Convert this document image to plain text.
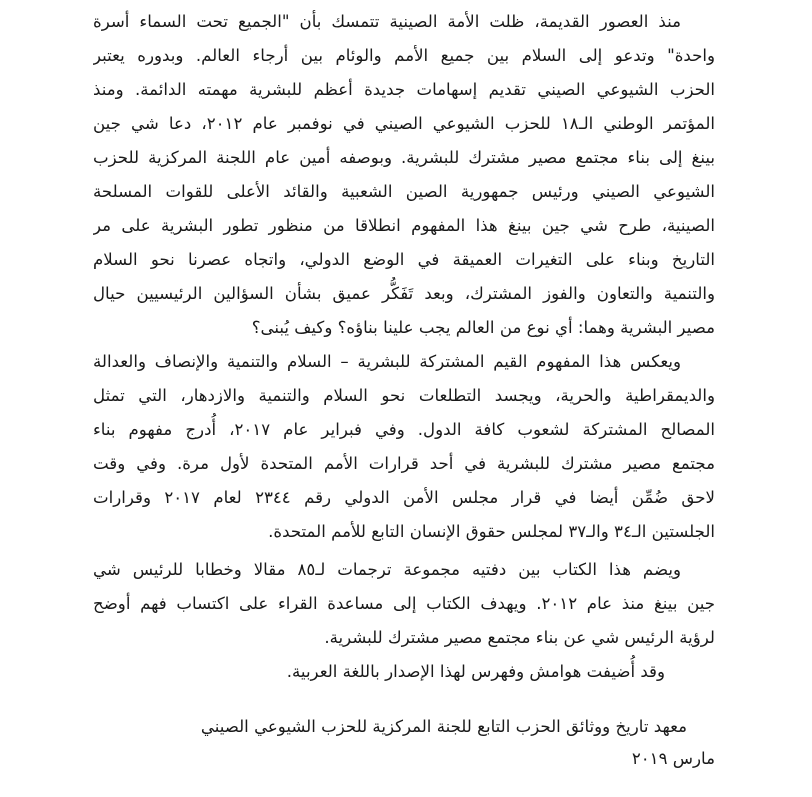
منذ العصور القديمة، ظلت الأمة الصينية تتمسك بأن "الجميع تحت السماء أسرة
واحدة" وتدعو إلى السلام بين جميع الأمم والوئام بين أرجاء العالم. وبدوره يعتبر
الحزب الشيوعي الصيني تقديم إسهامات جديدة أعظم للبشرية مهمته الدائمة. ومنذ
المؤتمر الوطني الـ١٨ للحزب الشيوعي الصيني في نوفمبر عام ٢٠١٢، دعا شي جين
بينغ إلى بناء مجتمع مصير مشترك للبشرية. وبوصفه أمين عام اللجنة المركزية للحزب
الشيوعي الصيني ورئيس جمهورية الصين الشعبية والقائد الأعلى للقوات المسلحة
الصينية، طرح شي جين بينغ هذا المفهوم انطلاقا من منظور تطور البشرية على مر
التاريخ وبناء على التغيرات العميقة في الوضع الدولي، واتجاه عصرنا نحو السلام
والتنمية والتعاون والفوز المشترك، وبعد تَفَكُّر عميق بشأن السؤالين الرئيسيين حيال
مصير البشرية وهما: أي نوع من العالم يجب علينا بناؤه؟ وكيف يُبنى؟
ويعكس هذا المفهوم القيم المشتركة للبشرية – السلام والتنمية والإنصاف والعدالة
والديمقراطية والحرية، ويجسد التطلعات نحو السلام والتنمية والازدهار، التي تمثل
المصالح المشتركة لشعوب كافة الدول. وفي فبراير عام ٢٠١٧، أُدرج مفهوم بناء
مجتمع مصير مشترك للبشرية في أحد قرارات الأمم المتحدة لأول مرة. وفي وقت
لاحق ضُمِّن أيضا في قرار مجلس الأمن الدولي رقم ٢٣٤٤ لعام ٢٠١٧ وقرارات
الجلستين الـ٣٤ والـ٣٧ لمجلس حقوق الإنسان التابع للأمم المتحدة.
ويضم هذا الكتاب بين دفتيه مجموعة ترجمات لـ٨٥ مقالا وخطابا للرئيس شي
جين بينغ منذ عام ٢٠١٢. ويهدف الكتاب إلى مساعدة القراء على اكتساب فهم أوضح
لرؤية الرئيس شي عن بناء مجتمع مصير مشترك للبشرية.
وقد أُضيفت هوامش وفهرس لهذا الإصدار باللغة العربية.
معهد تاريخ ووثائق الحزب التابع للجنة المركزية للحزب الشيوعي الصيني
مارس ٢٠١٩
